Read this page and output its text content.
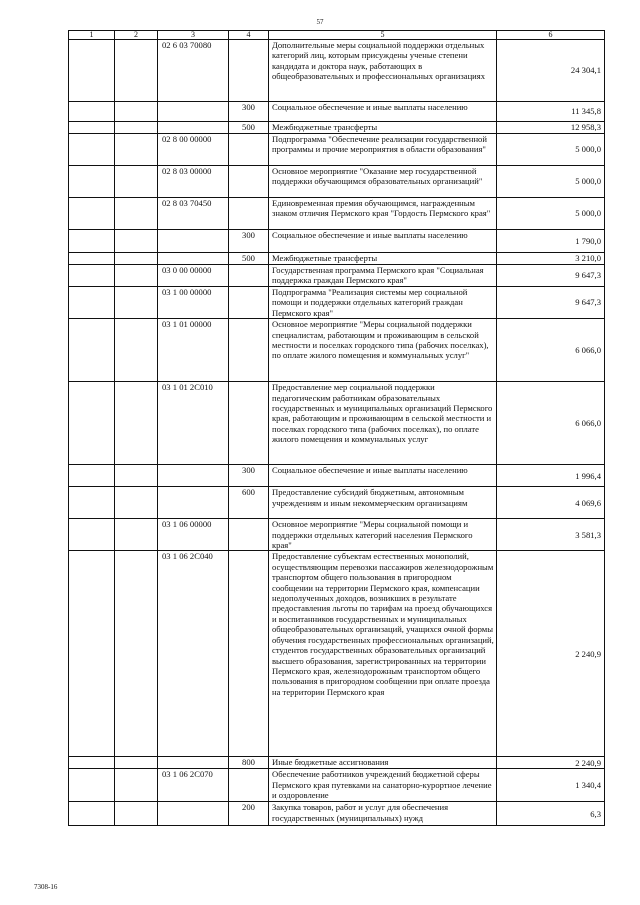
57
1	2	3	4	5	6
		02 6 03 70080		Дополнительные меры социальной поддержки отдельных категорий лиц, которым присуждены ученые степени кандидата и доктора наук, работающих в общеобразовательных и профессиональных организациях	24 304,1
			300	Социальное обеспечение и иные выплаты населению	11 345,8
			500	Межбюджетные трансферты	12 958,3
		02 8 00 00000		Подпрограмма "Обеспечение реализации государственной программы и прочие мероприятия в области образования"	5 000,0
		02 8 03 00000		Основное мероприятие "Оказание мер государственной поддержки обучающимся образовательных организаций"	5 000,0
		02 8 03 70450		Единовременная премия обучающимся, награжденным знаком отличия Пермского края "Гордость Пермского края"	5 000,0
			300	Социальное обеспечение и иные выплаты населению	1 790,0
			500	Межбюджетные трансферты	3 210,0
		03 0 00 00000		Государственная программа Пермского края "Социальная поддержка граждан Пермского края"	9 647,3
		03 1 00 00000		Подпрограмма "Реализация системы мер социальной помощи и поддержки отдельных категорий граждан Пермского края"	9 647,3
		03 1 01 00000		Основное мероприятие "Меры социальной поддержки специалистам, работающим и проживающим в сельской местности и поселках городского типа (рабочих поселках), по оплате жилого помещения и коммунальных услуг"	6 066,0
		03 1 01 2С010		Предоставление мер социальной поддержки педагогическим работникам образовательных государственных и муниципальных организаций Пермского края, работающим и проживающим в сельской местности и поселках городского типа (рабочих поселках), по оплате жилого помещения и коммунальных услуг	6 066,0
			300	Социальное обеспечение и иные выплаты населению	1 996,4
			600	Предоставление субсидий бюджетным, автономным учреждениям и иным некоммерческим организациям	4 069,6
		03 1 06 00000		Основное мероприятие "Меры социальной помощи и поддержки отдельных категорий населения Пермского края"	3 581,3
		03 1 06 2С040		Предоставление субъектам естественных монополий, осуществляющим перевозки пассажиров железнодорожным транспортом общего пользования в пригородном сообщении на территории Пермского края, компенсации недополученных доходов, возникших в результате предоставления льготы по тарифам на проезд обучающихся и воспитанников государственных и муниципальных общеобразовательных организаций, учащихся очной формы обучения государственных профессиональных организаций, студентов государственных образовательных организаций высшего образования, зарегистрированных на территории Пермского края, железнодорожным транспортом общего пользования в пригородном сообщении при оплате проезда на территории Пермского края	2 240,9
			800	Иные бюджетные ассигнования	2 240,9
		03 1 06 2С070		Обеспечение работников учреждений бюджетной сферы Пермского края путевками на санаторно-курортное лечение и оздоровление	1 340,4
			200	Закупка товаров, работ и услуг для обеспечения государственных (муниципальных) нужд	6,3
7308-16
